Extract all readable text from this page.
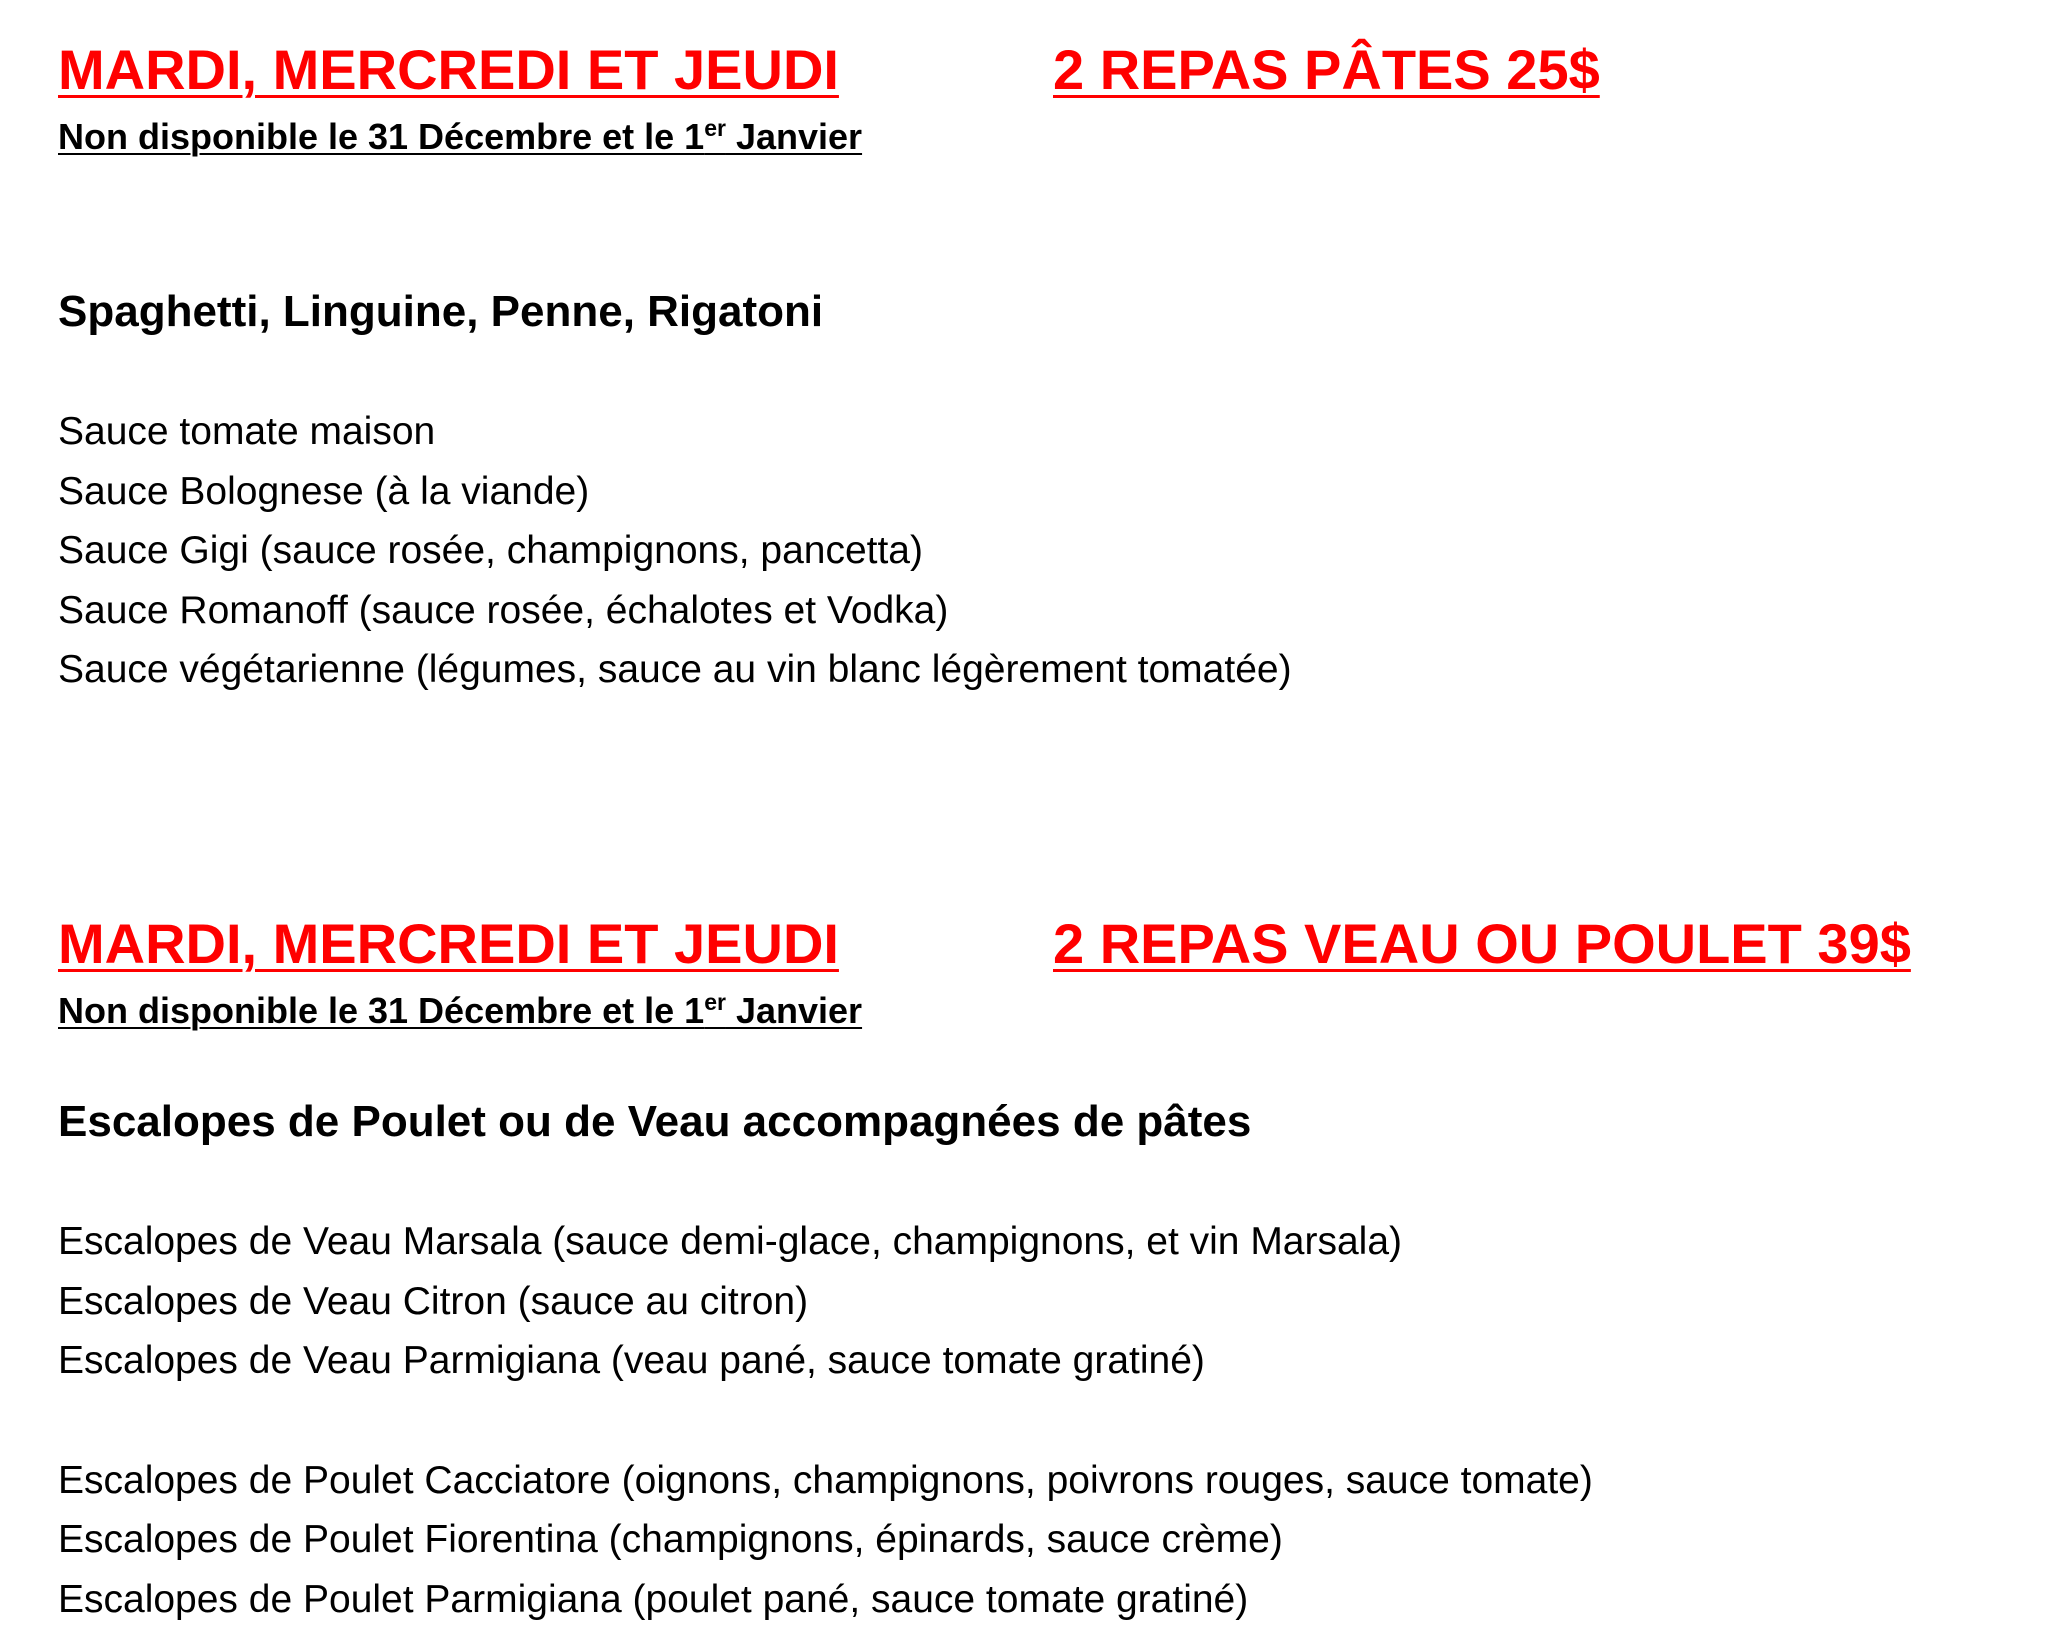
MARDI, MERCREDI ET JEUDI	2 REPAS PÂTES 25$
Non disponible le 31 Décembre et le 1er Janvier
Spaghetti, Linguine, Penne, Rigatoni
Sauce tomate maison
Sauce Bolognese (à la viande)
Sauce Gigi (sauce rosée, champignons, pancetta)
Sauce Romanoff (sauce rosée, échalotes et Vodka)
Sauce végétarienne (légumes, sauce au vin blanc légèrement tomatée)
MARDI, MERCREDI ET JEUDI	2 REPAS VEAU OU POULET 39$
Non disponible le 31 Décembre et le 1er Janvier
Escalopes de Poulet ou de Veau accompagnées de pâtes
Escalopes de Veau Marsala (sauce demi-glace, champignons, et vin Marsala)
Escalopes de Veau Citron (sauce au citron)
Escalopes de Veau Parmigiana (veau pané, sauce tomate gratiné)
Escalopes de Poulet Cacciatore (oignons, champignons, poivrons rouges, sauce tomate)
Escalopes de Poulet Fiorentina (champignons, épinards, sauce crème)
Escalopes de Poulet Parmigiana (poulet pané, sauce tomate gratiné)
